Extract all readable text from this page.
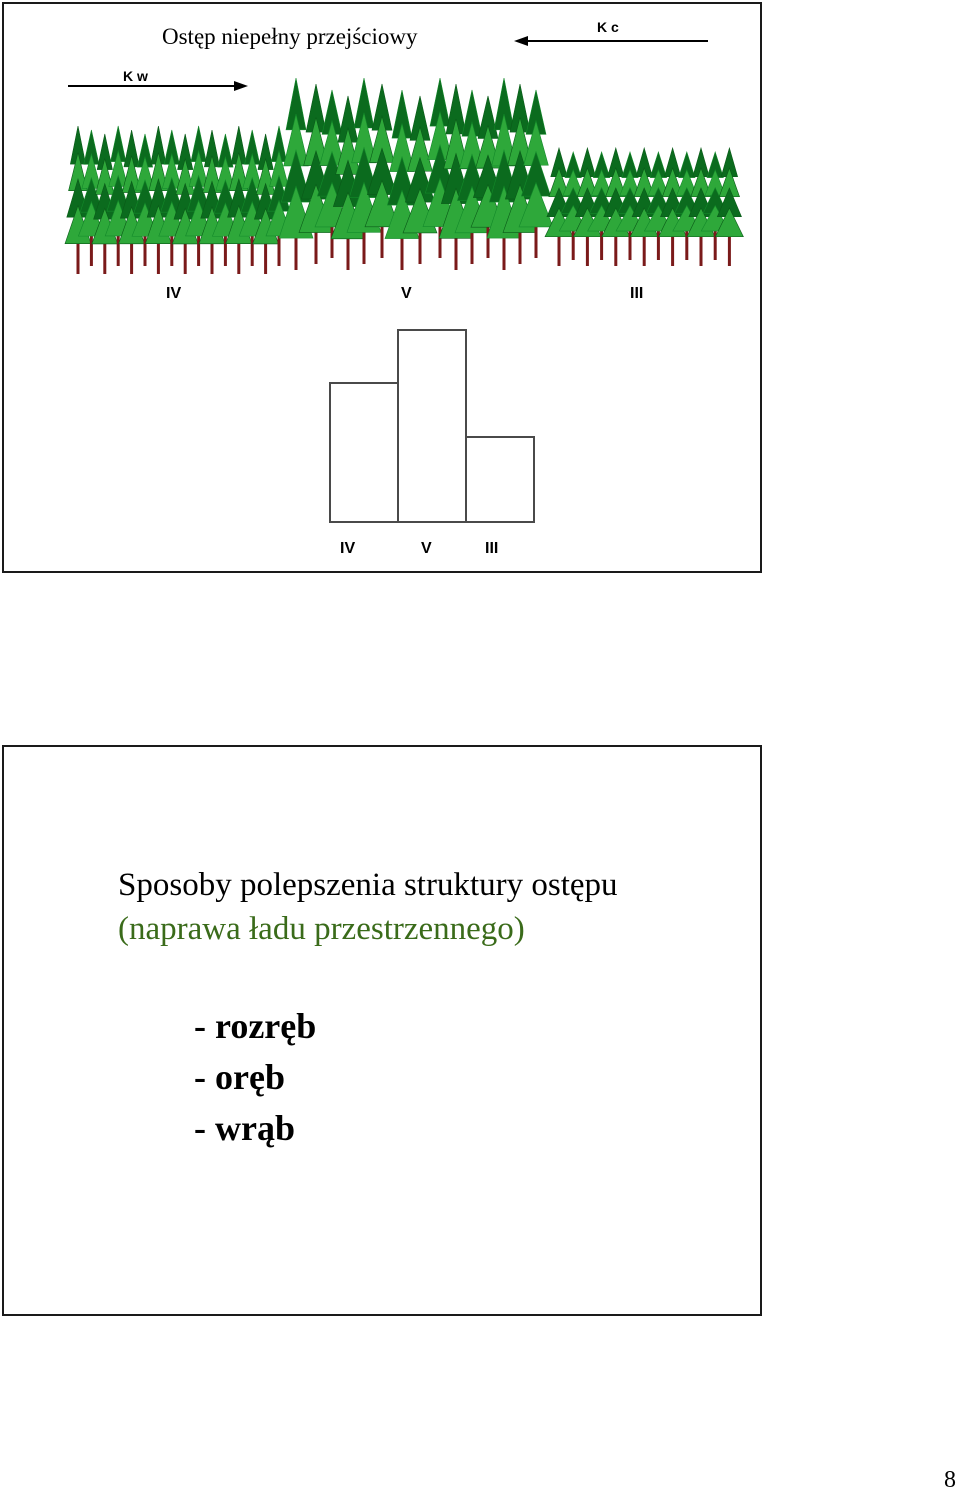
Ostęp niepełny przejściowy	K c
K w
IV	V	III
IV	V	III
Sposoby polepszenia struktury ostępu
(naprawa ładu przestrzennego)
- rozręb
- oręb
- wrąb
8
